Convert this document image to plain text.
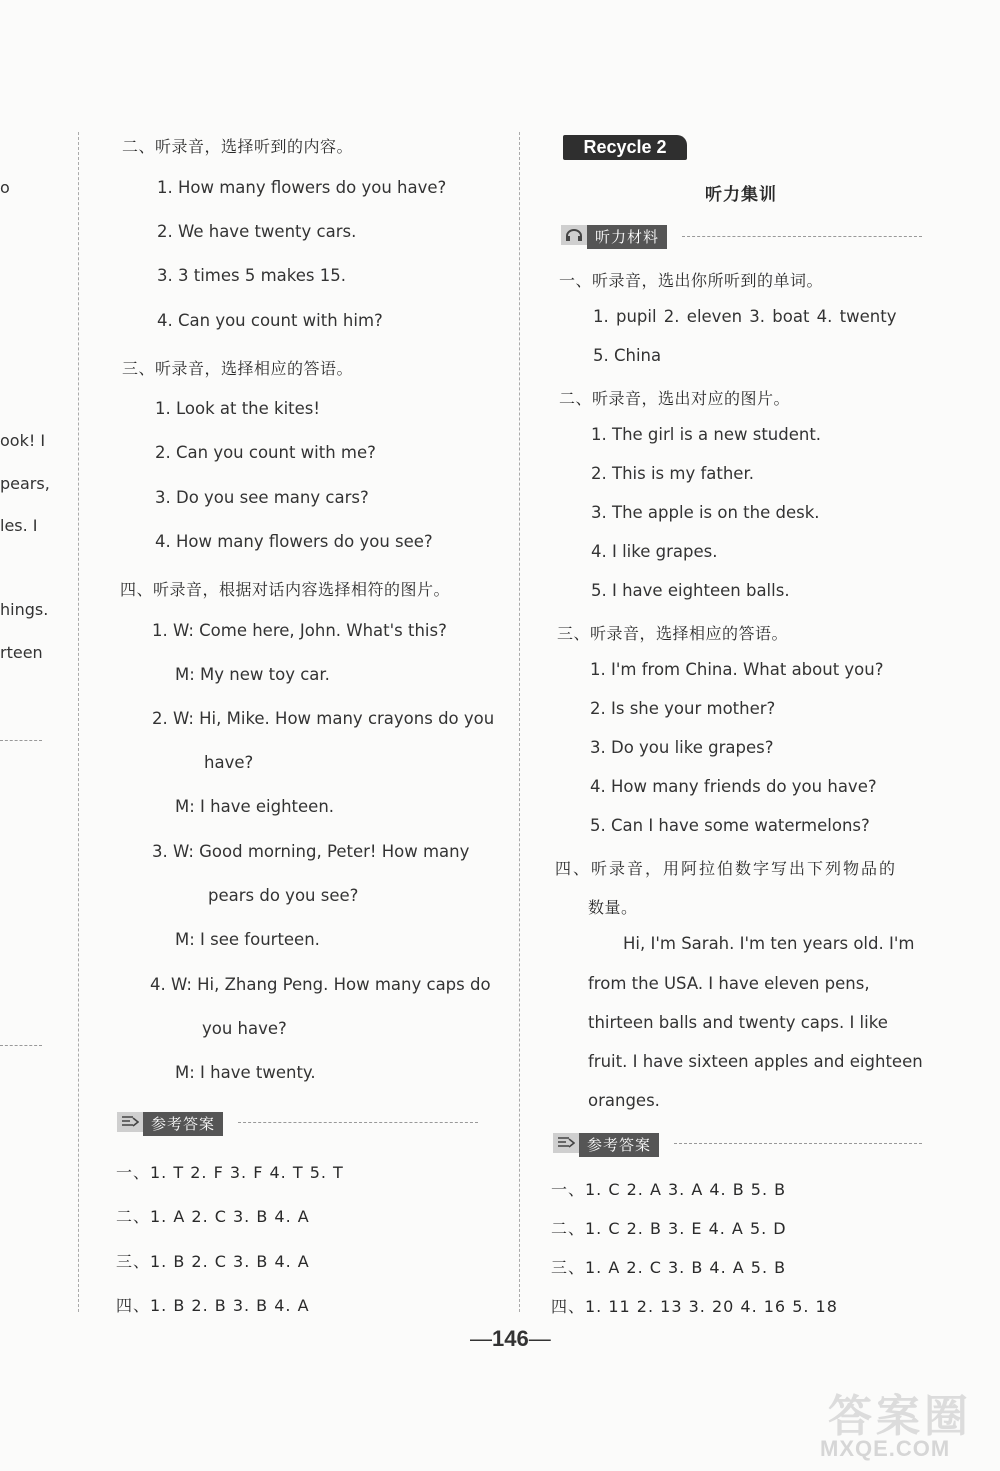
o
ook! I
pears,
les. I
hings.
rteen
二、听录音，选择听到的内容。
1. How many flowers do you have?
2. We have twenty cars.
3. 3 times 5 makes 15.
4. Can you count with him?
三、听录音，选择相应的答语。
1. Look at the kites!
2. Can you count with me?
3. Do you see many cars?
4. How many flowers do you see?
四、听录音，根据对话内容选择相符的图片。
1. W: Come here, John. What's this?
M: My new toy car.
2. W: Hi, Mike. How many crayons do you
have?
M: I have eighteen.
3. W: Good morning, Peter! How many
pears do you see?
M: I see fourteen.
4. W: Hi, Zhang Peng. How many caps do
you have?
M: I have twenty.
参考答案
一、1. T 2. F 3. F 4. T 5. T
二、1. A 2. C 3. B 4. A
三、1. B 2. C 3. B 4. A
四、1. B 2. B 3. B 4. A
Recycle 2
听力集训
听力材料
一、听录音，选出你所听到的单词。
1. pupil 2. eleven 3. boat 4. twenty
5. China
二、听录音，选出对应的图片。
1. The girl is a new student.
2. This is my father.
3. The apple is on the desk.
4. I like grapes.
5. I have eighteen balls.
三、听录音，选择相应的答语。
1. I'm from China. What about you?
2. Is she your mother?
3. Do you like grapes?
4. How many friends do you have?
5. Can I have some watermelons?
四、听录音，用阿拉伯数字写出下列物品的
数量。
Hi, I'm Sarah. I'm ten years old. I'm
from the USA. I have eleven pens,
thirteen balls and twenty caps. I like
fruit. I have sixteen apples and eighteen
oranges.
参考答案
一、1. C 2. A 3. A 4. B 5. B
二、1. C 2. B 3. E 4. A 5. D
三、1. A 2. C 3. B 4. A 5. B
四、1. 11 2. 13 3. 20 4. 16 5. 18
—146—
答案圈
MXQE.COM
